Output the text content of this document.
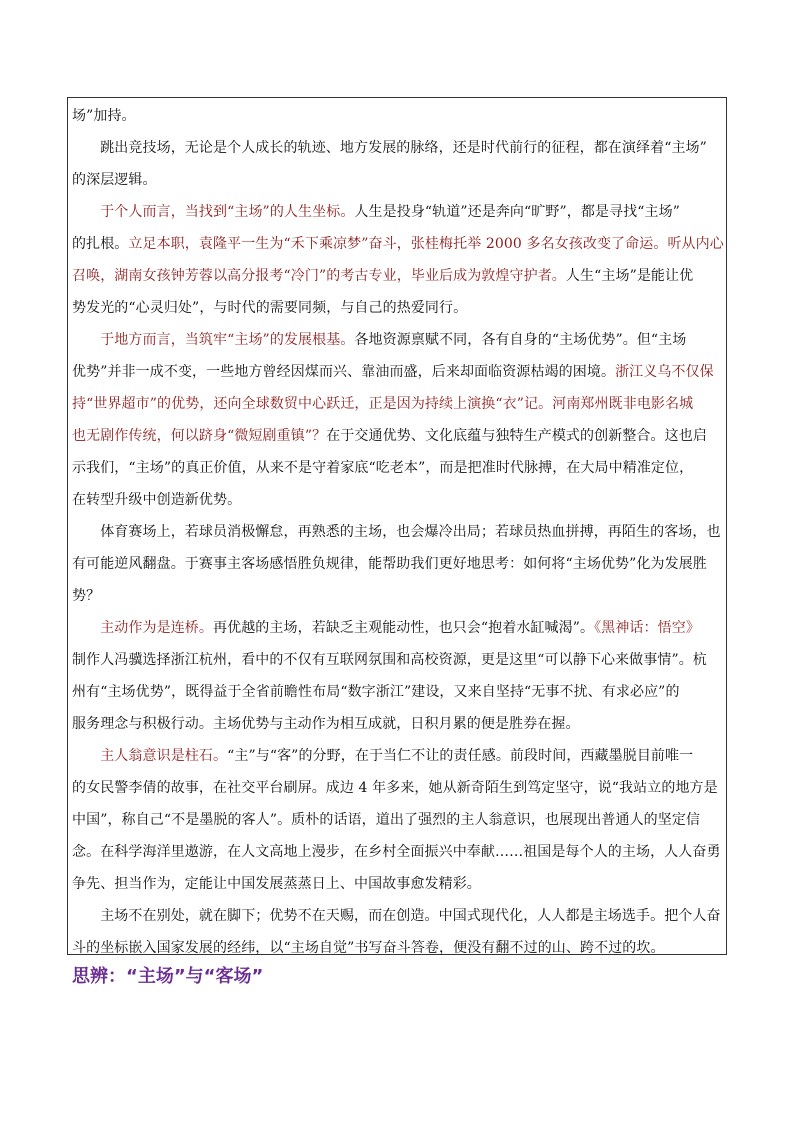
场”加持。
　　跳出竞技场，无论是个人成长的轨迹、地方发展的脉络，还是时代前行的征程，都在演绎着“主场”
的深层逻辑。
　　于个人而言，当找到“主场”的人生坐标。人生是投身“轨道”还是奔向“旷野”，都是寻找“主场”
的扎根。立足本职，袁隆平一生为“禾下乘凉梦”奋斗，张桂梅托举 2000 多名女孩改变了命运。听从内心
召唤，湖南女孩钟芳蓉以高分报考“冷门”的考古专业，毕业后成为敦煌守护者。人生“主场”是能让优
势发光的“心灵归处”，与时代的需要同频，与自己的热爱同行。
　　于地方而言，当筑牢“主场”的发展根基。各地资源禀赋不同，各有自身的“主场优势”。但“主场
优势”并非一成不变，一些地方曾经因煤而兴、靠油而盛，后来却面临资源枯竭的困境。浙江义乌不仅保
持“世界超市”的优势，还向全球数贸中心跃迁，正是因为持续上演换“衣”记。河南郑州既非电影名城
也无剧作传统，何以跻身“微短剧重镇”？在于交通优势、文化底蕴与独特生产模式的创新整合。这也启
示我们，“主场”的真正价值，从来不是守着家底“吃老本”，而是把准时代脉搏，在大局中精准定位，
在转型升级中创造新优势。
　　体育赛场上，若球员消极懈怠，再熟悉的主场，也会爆冷出局；若球员热血拼搏，再陌生的客场，也
有可能逆风翻盘。于赛事主客场感悟胜负规律，能帮助我们更好地思考：如何将“主场优势”化为发展胜
势？
　　主动作为是连桥。再优越的主场，若缺乏主观能动性，也只会“抱着水缸喊渴”。《黑神话：悟空》
制作人冯骥选择浙江杭州，看中的不仅有互联网氛围和高校资源，更是这里“可以静下心来做事情”。杭
州有“主场优势”，既得益于全省前瞻性布局“数字浙江”建设，又来自坚持“无事不扰、有求必应”的
服务理念与积极行动。主场优势与主动作为相互成就，日积月累的便是胜券在握。
　　主人翁意识是柱石。“主”与“客”的分野，在于当仁不让的责任感。前段时间，西藏墨脱目前唯一
的女民警李倩的故事，在社交平台刷屏。成边 4 年多来，她从新奇陌生到笃定坚守，说“我站立的地方是
中国”，称自己“不是墨脱的客人”。质朴的话语，道出了强烈的主人翁意识，也展现出普通人的坚定信
念。在科学海洋里遨游，在人文高地上漫步，在乡村全面振兴中奉献……祖国是每个人的主场，人人奋勇
争先、担当作为，定能让中国发展蒸蒸日上、中国故事愈发精彩。
　　主场不在别处，就在脚下；优势不在天赐，而在创造。中国式现代化，人人都是主场选手。把个人奋
斗的坐标嵌入国家发展的经纬，以“主场自觉”书写奋斗答卷，便没有翻不过的山、跨不过的坎。
思辨：“主场”与“客场”
